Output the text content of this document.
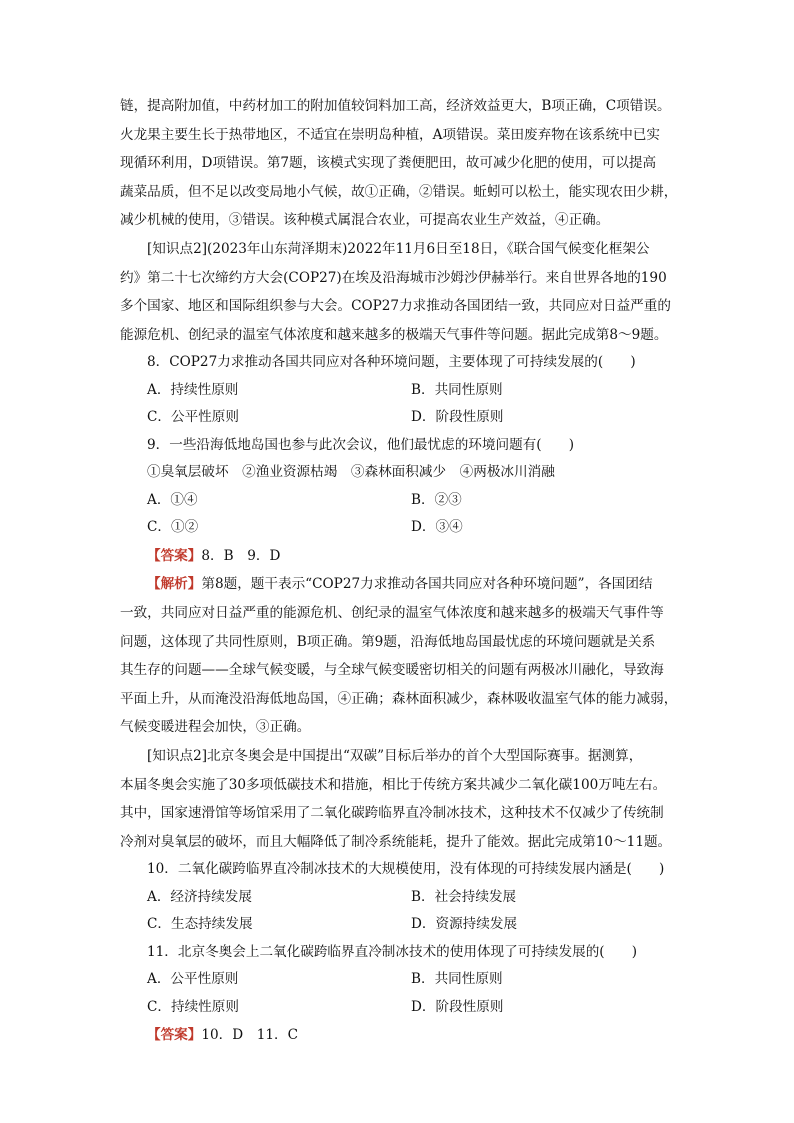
链，提高附加值，中药材加工的附加值较饲料加工高，经济效益更大，B项正确，C项错误。

火龙果主要生长于热带地区，不适宜在崇明岛种植，A项错误。菜田废弃物在该系统中已实

现循环利用，D项错误。第7题，该模式实现了粪便肥田，故可减少化肥的使用，可以提高

蔬菜品质，但不足以改变局地小气候，故①正确，②错误。蚯蚓可以松土，能实现农田少耕，

减少机械的使用，③错误。该种模式属混合农业，可提高农业生产效益，④正确。

[知识点2](2023年山东菏泽期末)2022年11月6日至18日，《联合国气候变化框架公

约》第二十七次缔约方大会(COP27)在埃及沿海城市沙姆沙伊赫举行。来自世界各地的190

多个国家、地区和国际组织参与大会。COP27力求推动各国团结一致，共同应对日益严重的

能源危机、创纪录的温室气体浓度和越来越多的极端天气事件等问题。据此完成第8～9题。

8．COP27力求推动各国共同应对各种环境问题，主要体现了可持续发展的(　　)

A．持续性原则	B．共同性原则
C．公平性原则	D．阶段性原则

9．一些沿海低地岛国也参与此次会议，他们最忧虑的环境问题有(　　)

①臭氧层破坏　②渔业资源枯竭　③森林面积减少　④两极冰川消融

A．①④	B．②③
C．①②	D．③④

【答案】8．B　9．D

【解析】第8题，题干表示“COP27力求推动各国共同应对各种环境问题”，各国团结

一致，共同应对日益严重的能源危机、创纪录的温室气体浓度和越来越多的极端天气事件等

问题，这体现了共同性原则，B项正确。第9题，沿海低地岛国最忧虑的环境问题就是关系

其生存的问题——全球气候变暖，与全球气候变暖密切相关的问题有两极冰川融化，导致海

平面上升，从而淹没沿海低地岛国，④正确；森林面积减少，森林吸收温室气体的能力减弱，

气候变暖进程会加快，③正确。

[知识点2]北京冬奥会是中国提出“双碳”目标后举办的首个大型国际赛事。据测算，

本届冬奥会实施了30多项低碳技术和措施，相比于传统方案共减少二氧化碳100万吨左右。

其中，国家速滑馆等场馆采用了二氧化碳跨临界直冷制冰技术，这种技术不仅减少了传统制

冷剂对臭氧层的破坏，而且大幅降低了制冷系统能耗，提升了能效。据此完成第10～11题。

10．二氧化碳跨临界直冷制冰技术的大规模使用，没有体现的可持续发展内涵是(　　)

A．经济持续发展	B．社会持续发展
C．生态持续发展	D．资源持续发展

11．北京冬奥会上二氧化碳跨临界直冷制冰技术的使用体现了可持续发展的(　　)

A．公平性原则	B．共同性原则
C．持续性原则	D．阶段性原则

【答案】10．D　11．C
